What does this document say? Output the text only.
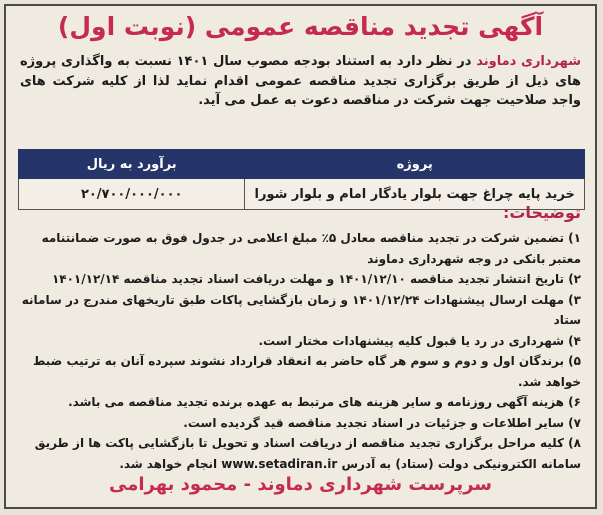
آگهی تجدید مناقصه عمومی (نوبت اول)
شهرداری دماوند در نظر دارد به استناد بودجه مصوب سال ۱۴۰۱ نسبت به واگذاری پروژه های ذیل از طریق برگزاری تجدید مناقصه عمومی اقدام نماید لذا از کلیه شرکت های واجد صلاحیت جهت شرکت در مناقصه دعوت به عمل می آید.
پروژه	برآورد به ریال
خرید پایه چراغ جهت بلوار یادگار امام و بلوار شورا	۲۰/۷۰۰/۰۰۰/۰۰۰
توضیحات:

۱) تضمین شرکت در تجدید مناقصه معادل ۵٪ مبلغ اعلامی در جدول فوق به صورت ضمانتنامه معتبر بانکی در وجه شهرداری دماوند

۲) تاریخ انتشار تجدید مناقصه ۱۴۰۱/۱۲/۱۰ و مهلت دریافت اسناد تجدید مناقصه ۱۴۰۱/۱۲/۱۴

۳) مهلت ارسال پیشنهادات ۱۴۰۱/۱۲/۲۴ و زمان بازگشایی پاکات طبق تاریخهای مندرج در سامانه ستاد

۴) شهرداری در رد یا قبول کلیه پیشنهادات مختار است.

۵) برندگان اول و دوم و سوم هر گاه حاضر به انعقاد قرارداد نشوند سپرده آنان به ترتیب ضبط خواهد شد.

۶) هزینه آگهی روزنامه و سایر هزینه های مرتبط به عهده برنده تجدید مناقصه می باشد.

۷) سایر اطلاعات و جزئیات در اسناد تجدید مناقصه قید گردیده است.

۸) کلیه مراحل برگزاری تجدید مناقصه از دریافت اسناد و تحویل تا بازگشایی پاکت ها از طریق سامانه الکترونیکی دولت (ستاد) به آدرس www.setadiran.ir انجام خواهد شد.

سرپرست شهرداری دماوند - محمود بهرامی
